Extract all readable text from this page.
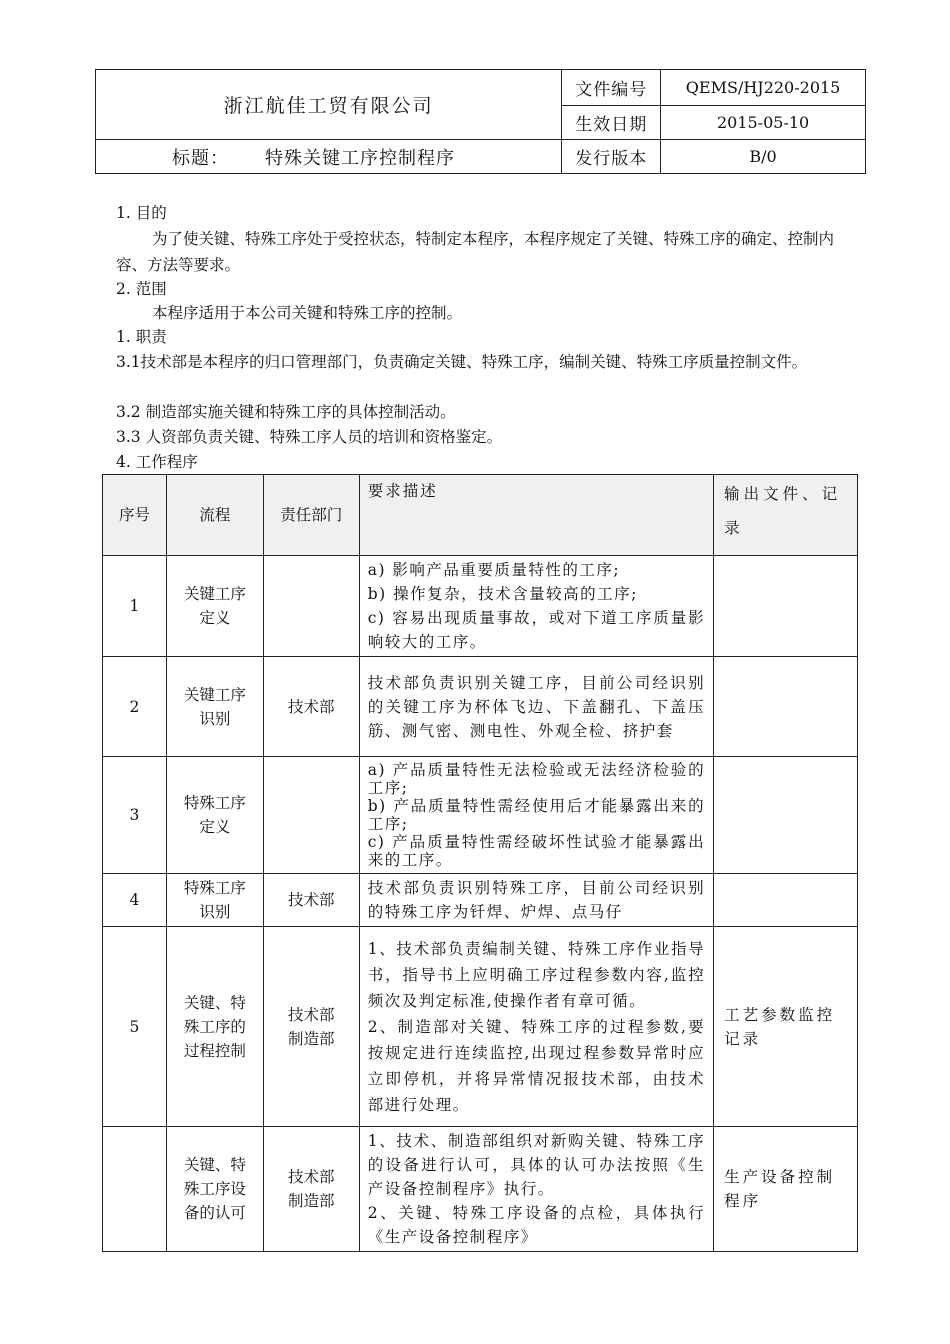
浙江航佳工贸有限公司	文件编号	QEMS/HJ220-2015
	生效日期	2015-05-10
标题： 特殊关键工序控制程序	发行版本	B/0
1. 目的
为了使关键、特殊工序处于受控状态，特制定本程序，本程序规定了关键、特殊工序的确定、控制内容、方法等要求。
2. 范围
本程序适用于本公司关键和特殊工序的控制。
1. 职责
3.1技术部是本程序的归口管理部门，负责确定关键、特殊工序，编制关键、特殊工序质量控制文件。
3.2 制造部实施关键和特殊工序的具体控制活动。
3.3 人资部负责关键、特殊工序人员的培训和资格鉴定。
4. 工作程序
序号	流程	责任部门	要求描述	输出文件、记录
1	关键工序定义		a) 影响产品重要质量特性的工序;
b) 操作复杂，技术含量较高的工序;
c) 容易出现质量事故，或对下道工序质量影响较大的工序。	

2	关键工序识别	技术部	技术部负责识别关键工序，目前公司经识别的关键工序为杯体飞边、下盖翻孔、下盖压筋、测气密、测电性、外观全检、挤护套	

3	特殊工序定义		a) 产品质量特性无法检验或无法经济检验的工序;
b) 产品质量特性需经使用后才能暴露出来的工序;
c) 产品质量特性需经破坏性试验才能暴露出来的工序。	

4	特殊工序识别	技术部	技术部负责识别特殊工序，目前公司经识别的特殊工序为钎焊、炉焊、点马仔	

5	关键、特殊工序的过程控制	技术部制造部	1、技术部负责编制关键、特殊工序作业指导书，指导书上应明确工序过程参数内容,监控频次及判定标准,使操作者有章可循。
2、制造部对关键、特殊工序的过程参数,要按规定进行连续监控,出现过程参数异常时应立即停机，并将异常情况报技术部，由技术部进行处理。	工艺参数监控记录
	关键、特殊工序设备的认可	技术部制造部	1、技术、制造部组织对新购关键、特殊工序的设备进行认可，具体的认可办法按照《生产设备控制程序》执行。
2、关键、特殊工序设备的点检，具体执行《生产设备控制程序》	生产设备控制程序
